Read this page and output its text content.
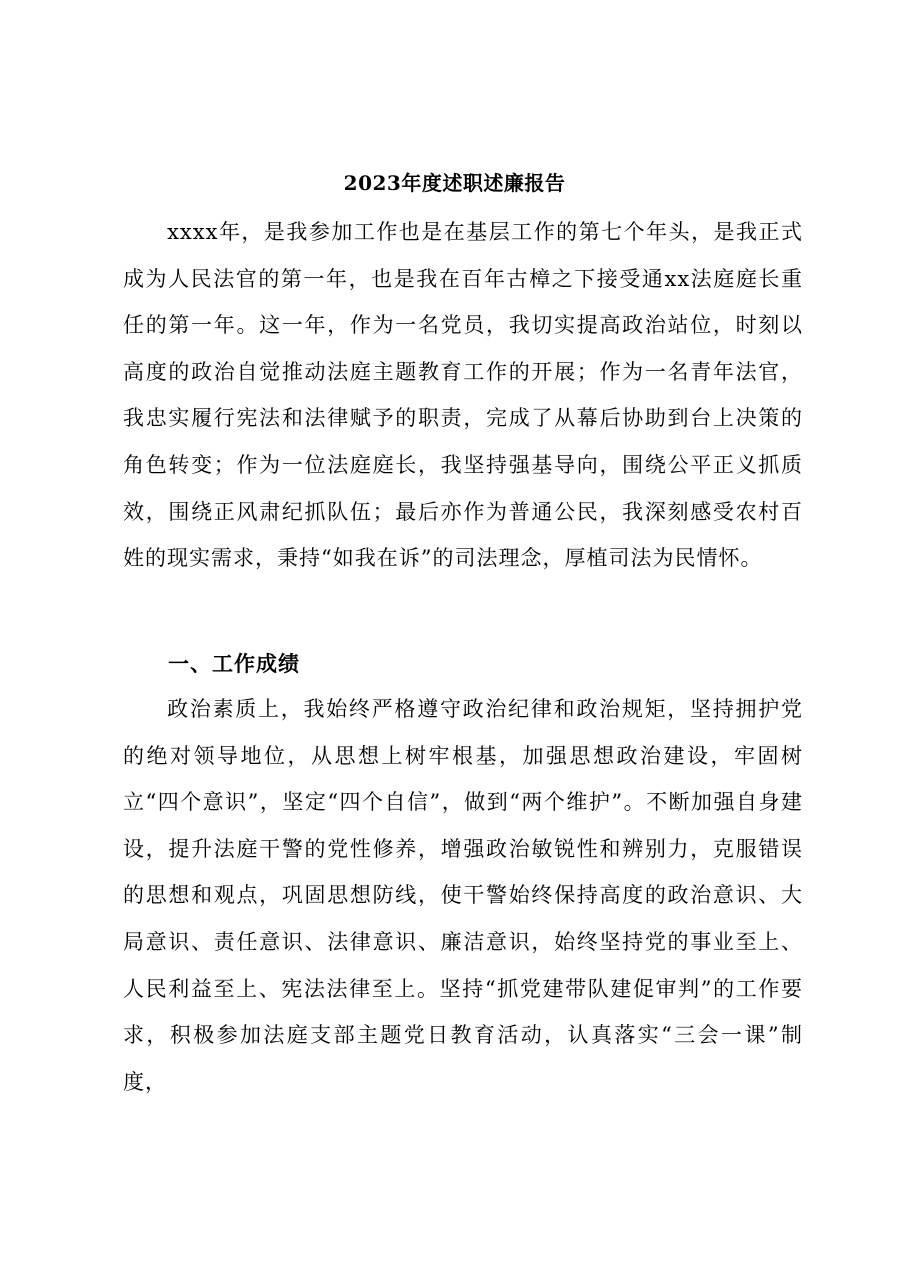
2023年度述职述廉报告

xxxx年，是我参加工作也是在基层工作的第七个年头，是我正式成为人民法官的第一年，也是我在百年古樟之下接受通xx法庭庭长重任的第一年。这一年，作为一名党员，我切实提高政治站位，时刻以高度的政治自觉推动法庭主题教育工作的开展；作为一名青年法官，我忠实履行宪法和法律赋予的职责，完成了从幕后协助到台上决策的角色转变；作为一位法庭庭长，我坚持强基导向，围绕公平正义抓质效，围绕正风肃纪抓队伍；最后亦作为普通公民，我深刻感受农村百姓的现实需求，秉持“如我在诉”的司法理念，厚植司法为民情怀。

一、工作成绩

政治素质上，我始终严格遵守政治纪律和政治规矩，坚持拥护党的绝对领导地位，从思想上树牢根基，加强思想政治建设，牢固树立“四个意识”，坚定“四个自信”，做到“两个维护”。不断加强自身建设，提升法庭干警的党性修养，增强政治敏锐性和辨别力，克服错误的思想和观点，巩固思想防线，使干警始终保持高度的政治意识、大局意识、责任意识、法律意识、廉洁意识，始终坚持党的事业至上、人民利益至上、宪法法律至上。坚持“抓党建带队建促审判”的工作要求，积极参加法庭支部主题党日教育活动，认真落实“三会一课”制度，
